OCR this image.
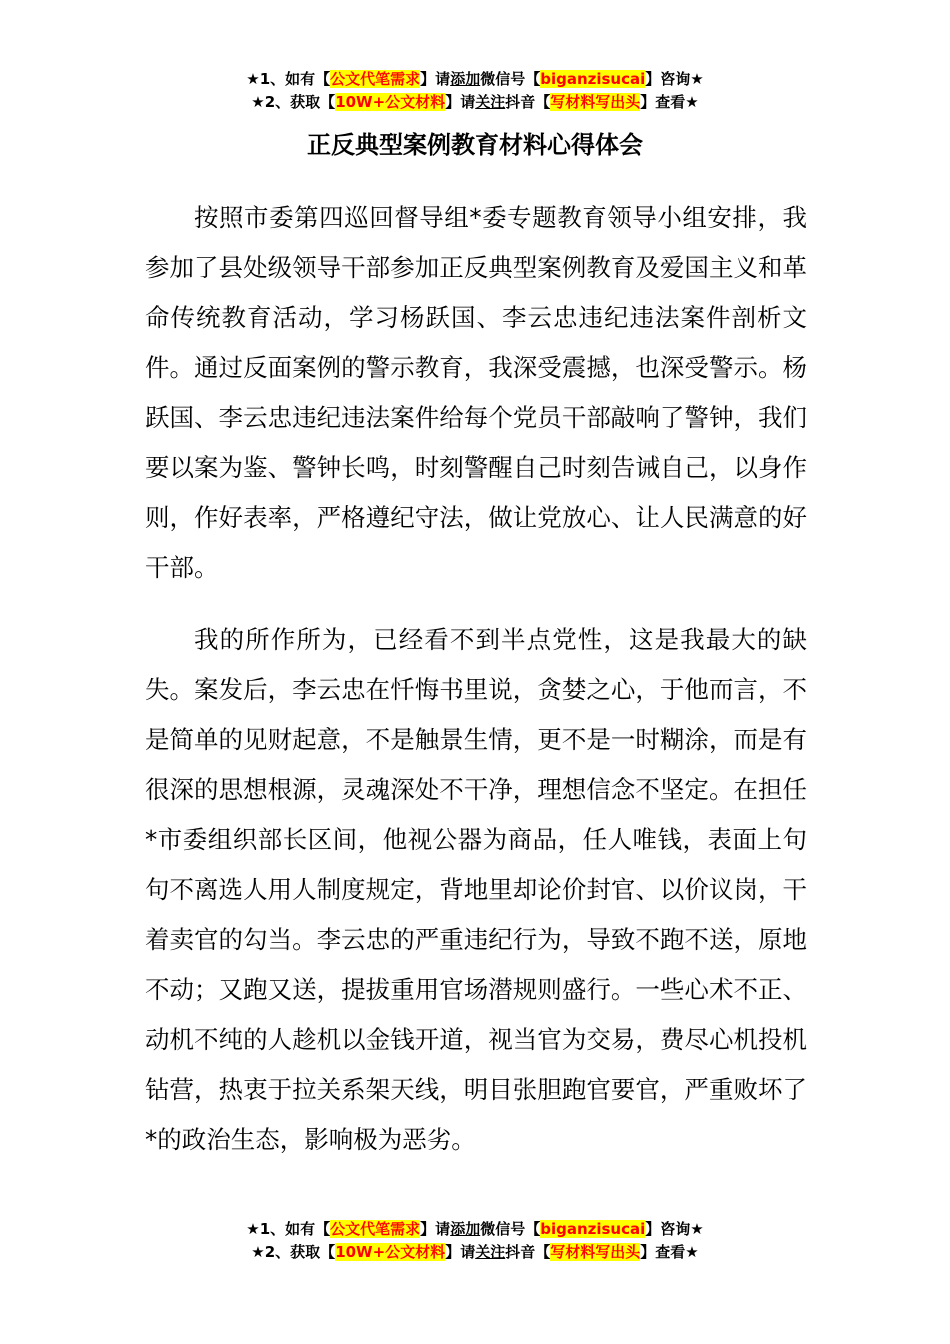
★1、如有【公文代笔需求】请添加微信号【biganzisucai】咨询★
★2、获取【10W+公文材料】请关注抖音【写材料写出头】查看★
正反典型案例教育材料心得体会

按照市委第四巡回督导组*委专题教育领导小组安排，我参加了县处级领导干部参加正反典型案例教育及爱国主义和革命传统教育活动，学习杨跃国、李云忠违纪违法案件剖析文件。通过反面案例的警示教育，我深受震撼，也深受警示。杨跃国、李云忠违纪违法案件给每个党员干部敲响了警钟，我们要以案为鉴、警钟长鸣，时刻警醒自己时刻告诫自己，以身作则，作好表率，严格遵纪守法，做让党放心、让人民满意的好干部。

我的所作所为，已经看不到半点党性，这是我最大的缺失。案发后，李云忠在忏悔书里说，贪婪之心，于他而言，不是简单的见财起意，不是触景生情，更不是一时糊涂，而是有很深的思想根源，灵魂深处不干净，理想信念不坚定。在担任*市委组织部长区间，他视公器为商品，任人唯钱，表面上句句不离选人用人制度规定，背地里却论价封官、以价议岗，干着卖官的勾当。李云忠的严重违纪行为，导致不跑不送，原地不动；又跑又送，提拔重用官场潜规则盛行。一些心术不正、动机不纯的人趁机以金钱开道，视当官为交易，费尽心机投机钻营，热衷于拉关系架天线，明目张胆跑官要官，严重败坏了*的政治生态，影响极为恶劣。

★1、如有【公文代笔需求】请添加微信号【biganzisucai】咨询★
★2、获取【10W+公文材料】请关注抖音【写材料写出头】查看★
